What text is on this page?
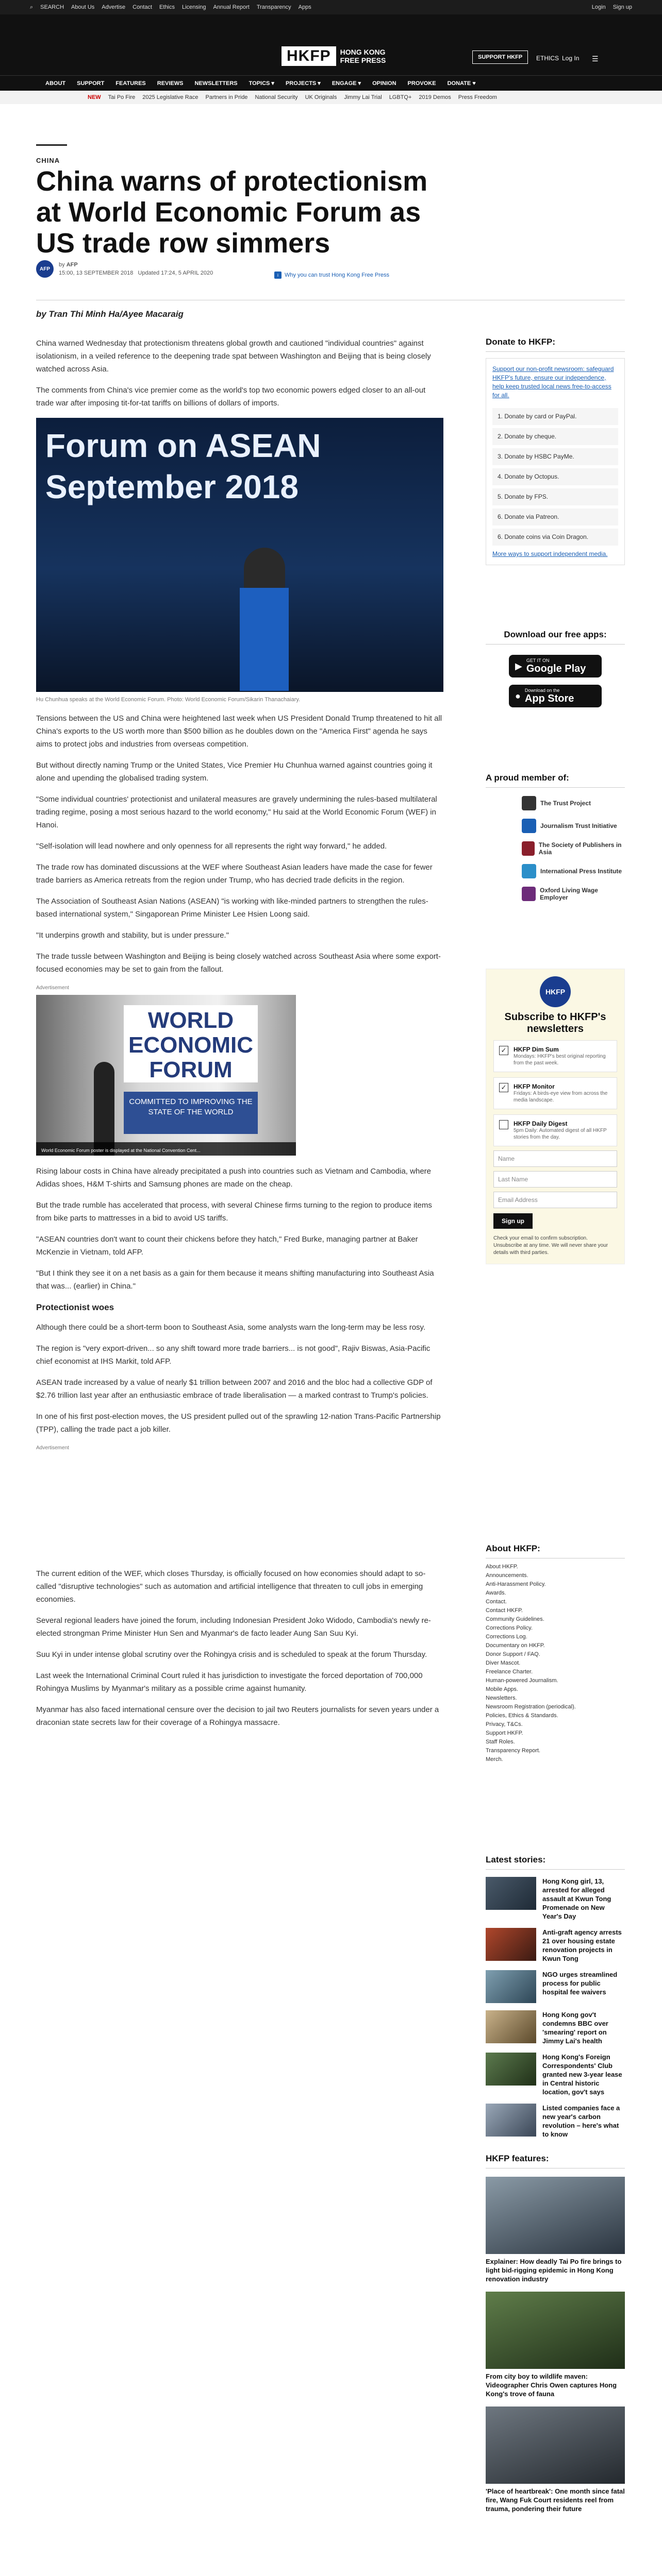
⌕ SEARCH About Us Advertise Contact Ethics Licensing Annual Report Transparency Apps	Login Sign up
HKFP	HONG KONG
FREE PRESS	SUPPORT HKFP	ETHICS Log In ☰
ABOUT SUPPORT FEATURES REVIEWS NEWSLETTERS TOPICS ▾ PROJECTS ▾ ENGAGE ▾ OPINION PROVOKE DONATE ♥
NEW Tai Po Fire 2025 Legislative Race Partners in Pride National Security UK Originals Jimmy Lai Trial LGBTQ+ 2019 Demos Press Freedom
CHINA
China warns of protectionism at World Economic Forum as US trade row simmers
AFP
by AFP
15:00, 13 SEPTEMBER 2018 Updated 17:24, 5 APRIL 2020	i	Why you can trust Hong Kong Free Press
by Tran Thi Minh Ha/Ayee Macaraig

China warned Wednesday that protectionism threatens global growth and cautioned "individual countries" against isolationism, in a veiled reference to the deepening trade spat between Washington and Beijing that is being closely watched across Asia.

The comments from China's vice premier come as the world's top two economic powers edged closer to an all-out trade war after imposing tit-for-tat tariffs on billions of dollars of imports.

Forum on ASEAN September 2018
Hu Chunhua speaks at the World Economic Forum. Photo: World Economic Forum/Sikarin Thanachaiary.

Tensions between the US and China were heightened last week when US President Donald Trump threatened to hit all China's exports to the US worth more than $500 billion as he doubles down on the "America First" agenda he says aims to protect jobs and industries from overseas competition.

But without directly naming Trump or the United States, Vice Premier Hu Chunhua warned against countries going it alone and upending the globalised trading system.

"Some individual countries' protectionist and unilateral measures are gravely undermining the rules-based multilateral trading regime, posing a most serious hazard to the world economy," Hu said at the World Economic Forum (WEF) in Hanoi.

"Self-isolation will lead nowhere and only openness for all represents the right way forward," he added.

The trade row has dominated discussions at the WEF where Southeast Asian leaders have made the case for fewer trade barriers as America retreats from the region under Trump, who has decried trade deficits in the region.

The Association of Southeast Asian Nations (ASEAN) "is working with like-minded partners to strengthen the rules-based international system," Singaporean Prime Minister Lee Hsien Loong said.

"It underpins growth and stability, but is under pressure."

The trade tussle between Washington and Beijing is being closely watched across Southeast Asia where some export-focused economies may be set to gain from the fallout.

Advertisement
WORLD ECONOMIC FORUM
COMMITTED TO IMPROVING THE STATE OF THE WORLD
World Economic Forum poster is displayed at the National Convention Cent...
gettyimages	KENT / STANDARD TIME

Rising labour costs in China have already precipitated a push into countries such as Vietnam and Cambodia, where Adidas shoes, H&M T-shirts and Samsung phones are made on the cheap.

But the trade rumble has accelerated that process, with several Chinese firms turning to the region to produce items from bike parts to mattresses in a bid to avoid US tariffs.

"ASEAN countries don't want to count their chickens before they hatch," Fred Burke, managing partner at Baker McKenzie in Vietnam, told AFP.

"But I think they see it on a net basis as a gain for them because it means shifting manufacturing into Southeast Asia that was... (earlier) in China."

Protectionist woes

Although there could be a short-term boon to Southeast Asia, some analysts warn the long-term may be less rosy.

The region is "very export-driven... so any shift toward more trade barriers... is not good", Rajiv Biswas, Asia-Pacific chief economist at IHS Markit, told AFP.

ASEAN trade increased by a value of nearly $1 trillion between 2007 and 2016 and the bloc had a collective GDP of $2.76 trillion last year after an enthusiastic embrace of trade liberalisation — a marked contrast to Trump's policies.

In one of his first post-election moves, the US president pulled out of the sprawling 12-nation Trans-Pacific Partnership (TPP), calling the trade pact a job killer.

Advertisement

The current edition of the WEF, which closes Thursday, is officially focused on how economies should adapt to so-called "disruptive technologies" such as automation and artificial intelligence that threaten to cull jobs in emerging economies.

Several regional leaders have joined the forum, including Indonesian President Joko Widodo, Cambodia's newly re-elected strongman Prime Minister Hun Sen and Myanmar's de facto leader Aung San Suu Kyi.

Suu Kyi in under intense global scrutiny over the Rohingya crisis and is scheduled to speak at the forum Thursday.

Last week the International Criminal Court ruled it has jurisdiction to investigate the forced deportation of 700,000 Rohingya Muslims by Myanmar's military as a possible crime against humanity.

Myanmar has also faced international censure over the decision to jail two Reuters journalists for seven years under a draconian state secrets law for their coverage of a Rohingya massacre.

Donate to HKFP:
Support our non-profit newsroom: safeguard HKFP's future, ensure our independence, help keep trusted local news free-to-access for all.
1. Donate by card or PayPal.
2. Donate by cheque.
3. Donate by HSBC PayMe.
4. Donate by Octopus.
5. Donate by FPS.
6. Donate via Patreon.
6. Donate coins via Coin Dragon.
More ways to support independent media.
Download our free apps:
▶
GET IT ON
Google Play
●
Download on the
App Store
A proud member of:
The Trust Project
Journalism Trust Initiative
The Society of Publishers in Asia
International Press Institute
Oxford Living Wage Employer
HKFP
Subscribe to HKFP's newsletters
✓ HKFP Dim Sum
Mondays: HKFP's best original reporting from the past week.
✓ HKFP Monitor
Fridays: A birds-eye view from across the media landscape.
HKFP Daily Digest
5pm Daily: Automated digest of all HKFP stories from the day.
Name
Last Name
Email Address
Sign up
Check your email to confirm subscription. Unsubscribe at any time. We will never share your details with third parties.
About HKFP:
About HKFP.
Announcements.
Anti-Harassment Policy.
Awards.
Contact.
Contact HKFP.
Community Guidelines.
Corrections Policy.
Corrections Log.
Documentary on HKFP.
Donor Support / FAQ.
Diver Mascot.
Freelance Charter.
Human-powered Journalism.
Mobile Apps.
Newsletters.
Newsroom Registration (periodical).
Policies, Ethics & Standards.
Privacy, T&Cs.
Support HKFP.
Staff Roles.
Transparency Report.
Merch.
Latest stories:
Hong Kong girl, 13, arrested for alleged assault at Kwun Tong Promenade on New Year's Day
Anti-graft agency arrests 21 over housing estate renovation projects in Kwun Tong
NGO urges streamlined process for public hospital fee waivers
Hong Kong gov't condemns BBC over 'smearing' report on Jimmy Lai's health
Hong Kong's Foreign Correspondents' Club granted new 3-year lease in Central historic location, gov't says
Listed companies face a new year's carbon revolution – here's what to know
HKFP features:
Explainer: How deadly Tai Po fire brings to light bid-rigging epidemic in Hong Kong renovation industry
From city boy to wildlife maven: Videographer Chris Owen captures Hong Kong's trove of fauna
'Place of heartbreak': One month since fatal fire, Wang Fuk Court residents reel from trauma, pondering their future
